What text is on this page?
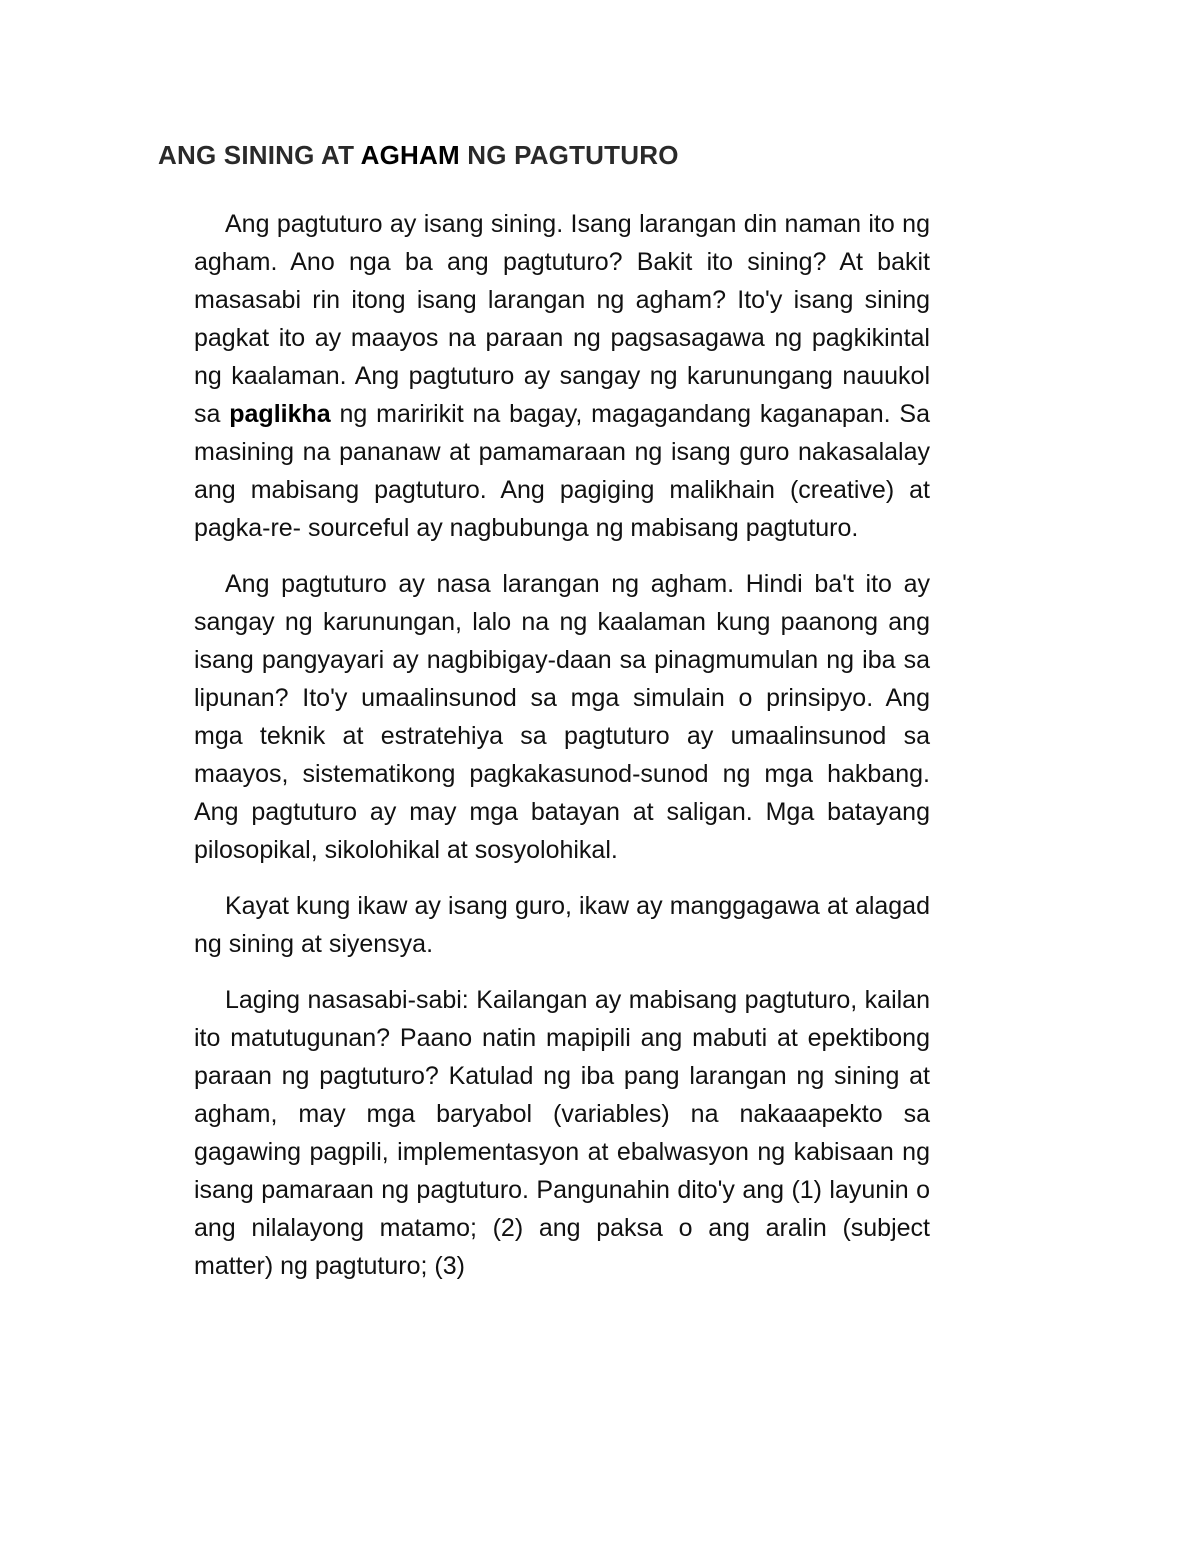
ANG SINING AT AGHAM NG PAGTUTURO

Ang pagtuturo ay isang sining. Isang larangan din naman ito ng agham. Ano nga ba ang pagtuturo? Bakit ito sining? At bakit masasabi rin itong isang larangan ng agham? Ito'y isang sining pagkat ito ay maayos na paraan ng pagsasagawa ng pagkikintal ng kaalaman. Ang pagtuturo ay sangay ng karunungang nauukol sa paglikha ng maririkit na bagay, magagandang kaganapan. Sa masining na pananaw at pamamaraan ng isang guro nakasalalay ang mabisang pagtuturo. Ang pagiging malikhain (creative) at pagka-re- sourceful ay nagbubunga ng mabisang pagtuturo.

Ang pagtuturo ay nasa larangan ng agham. Hindi ba't ito ay sangay ng karunungan, lalo na ng kaalaman kung paanong ang isang pangyayari ay nagbibigay-daan sa pinagmumulan ng iba sa lipunan? Ito'y umaalinsunod sa mga simulain o prinsipyo. Ang mga teknik at estratehiya sa pagtuturo ay umaalinsunod sa maayos, sistematikong pagkakasunod-sunod ng mga hakbang. Ang pagtuturo ay may mga batayan at saligan. Mga batayang pilosopikal, sikolohikal at sosyolohikal.

Kayat kung ikaw ay isang guro, ikaw ay manggagawa at alagad ng sining at siyensya.

Laging nasasabi-sabi: Kailangan ay mabisang pagtuturo, kailan ito matutugunan? Paano natin mapipili ang mabuti at epektibong paraan ng pagtuturo? Katulad ng iba pang larangan ng sining at agham, may mga baryabol (variables) na nakaaapekto sa gagawing pagpili, implementasyon at ebalwasyon ng kabisaan ng isang pamaraan ng pagtuturo. Pangunahin dito'y ang (1) layunin o ang nilalayong matamo; (2) ang paksa o ang aralin (subject matter) ng pagtuturo; (3)
